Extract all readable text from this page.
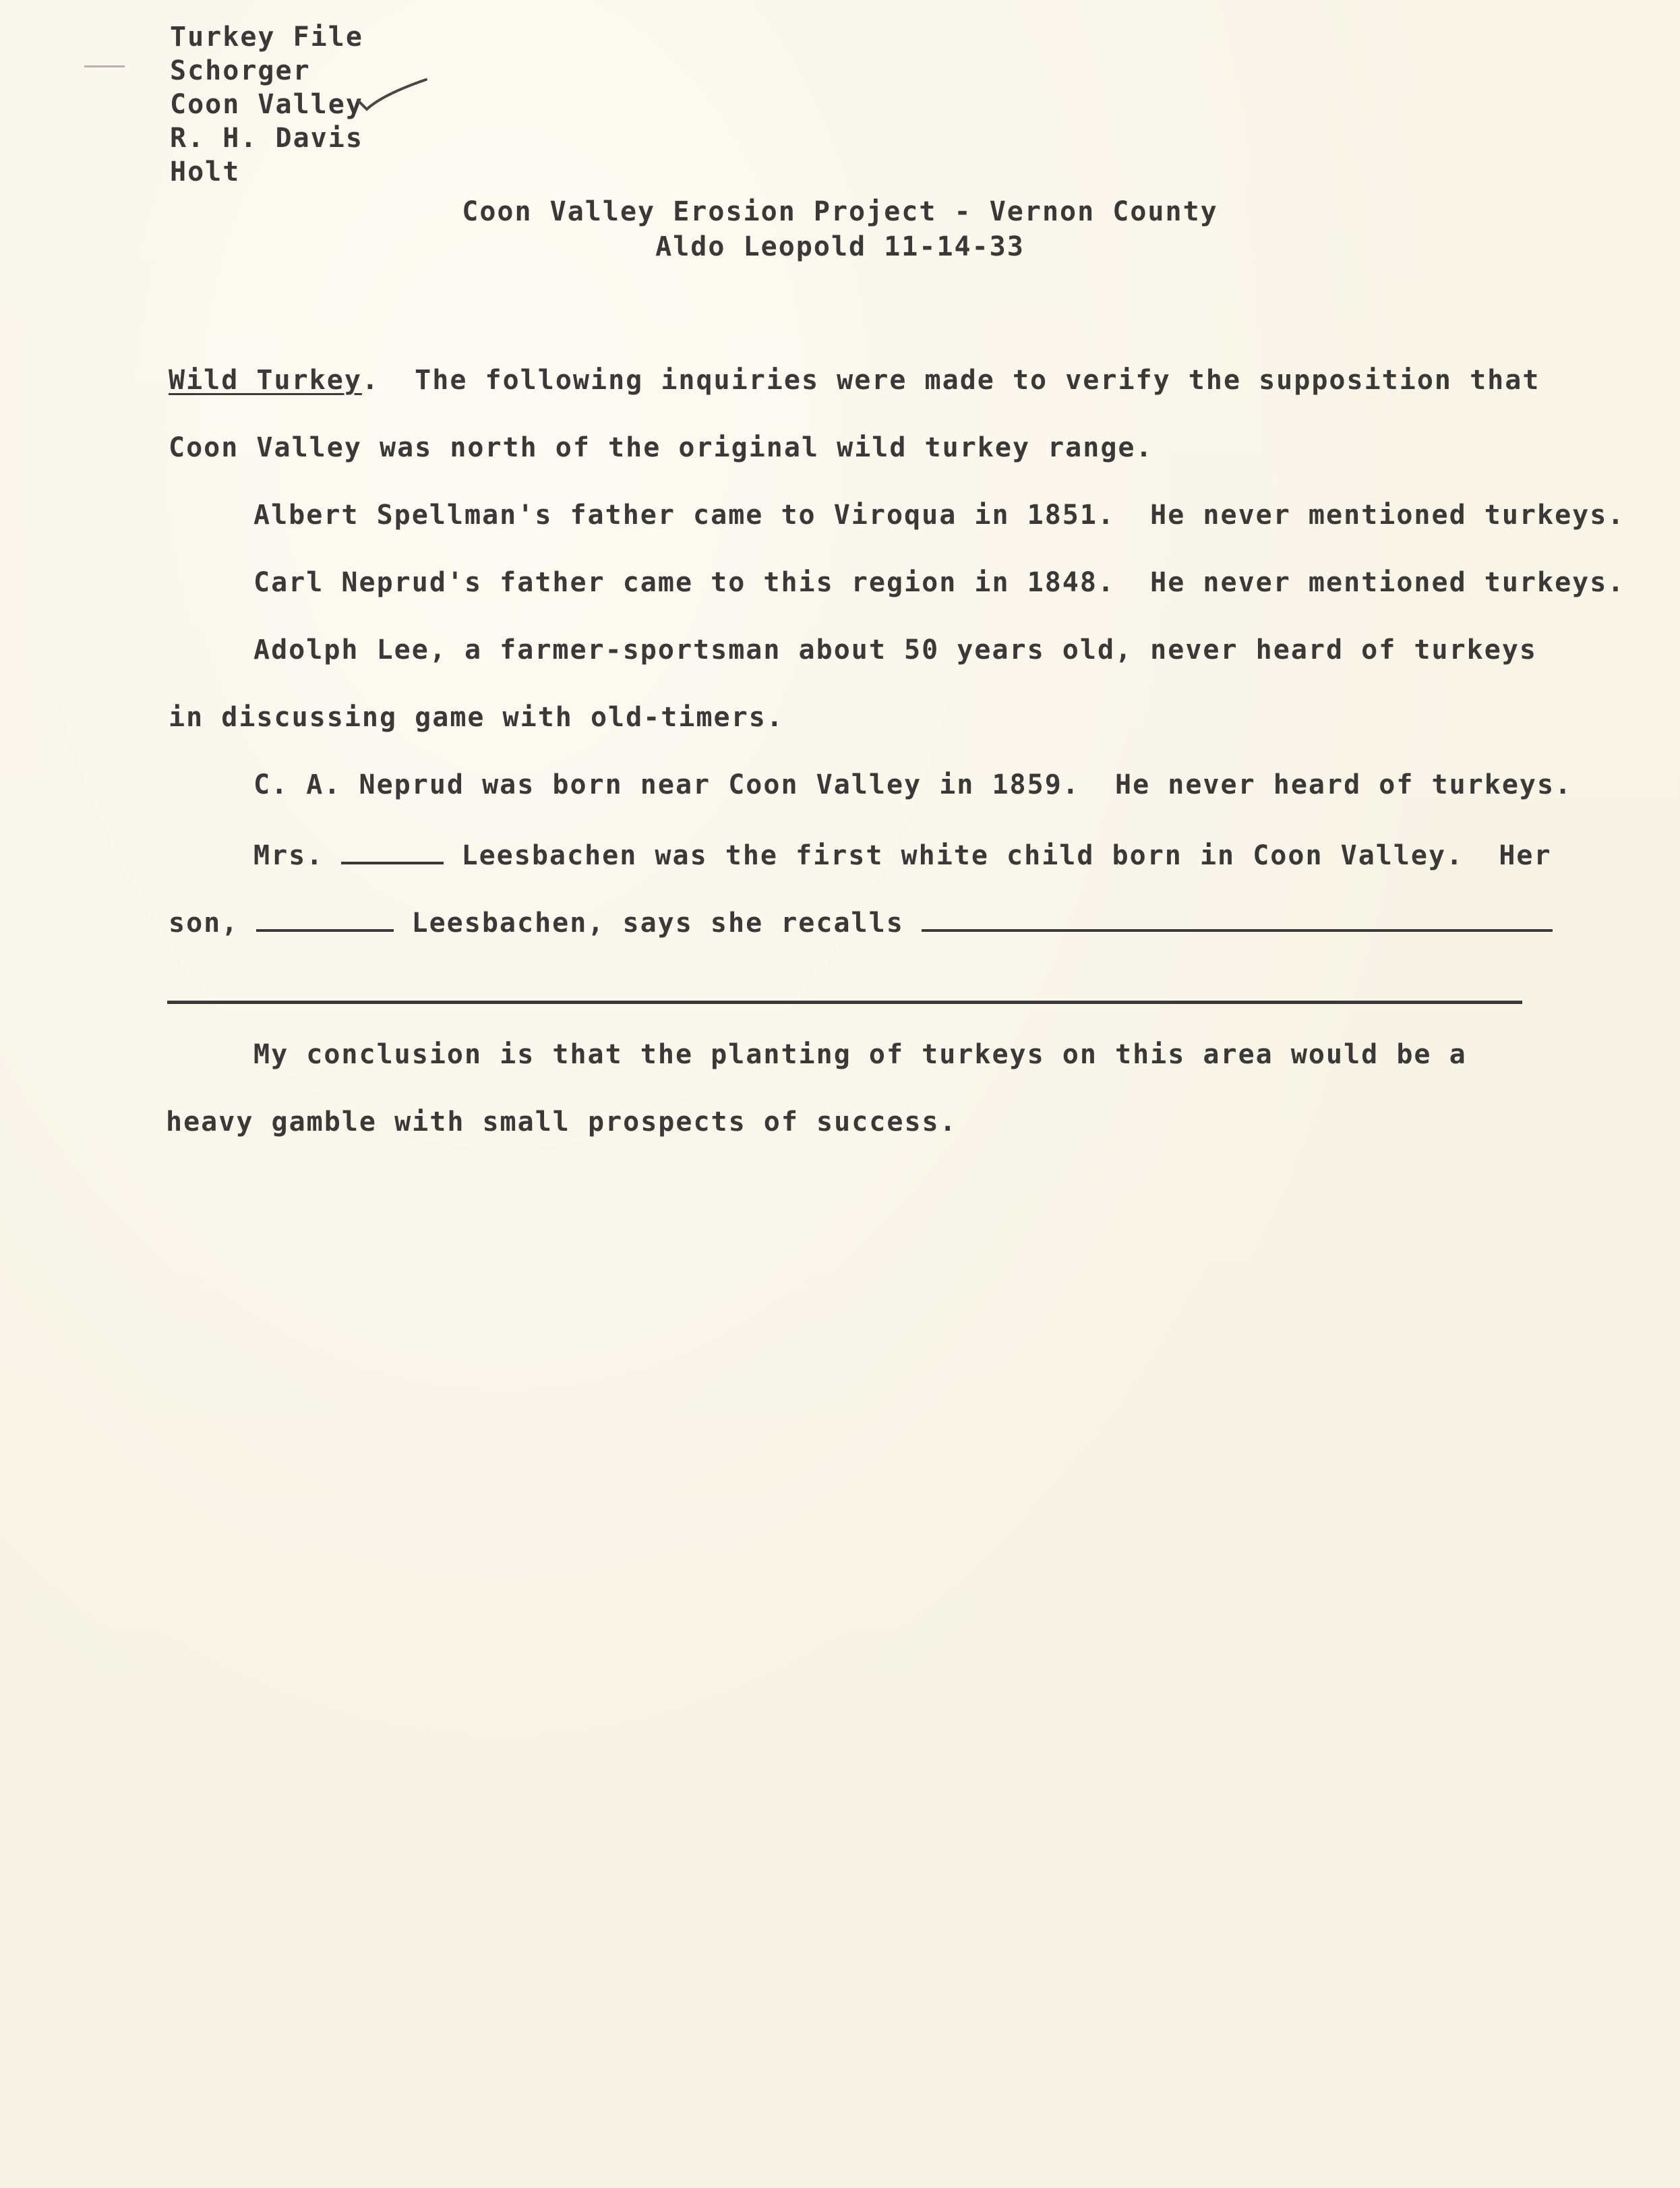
Turkey File
Schorger
Coon Valley
R. H. Davis
Holt
Coon Valley Erosion Project - Vernon County
Aldo Leopold 11-14-33
Wild Turkey.  The following inquiries were made to verify the supposition that
Coon Valley was north of the original wild turkey range.
Albert Spellman's father came to Viroqua in 1851.  He never mentioned turkeys.
Carl Neprud's father came to this region in 1848.  He never mentioned turkeys.
Adolph Lee, a farmer-sportsman about 50 years old, never heard of turkeys
in discussing game with old-timers.
C. A. Neprud was born near Coon Valley in 1859.  He never heard of turkeys.
Mrs.	Leesbachen was the first white child born in Coon Valley.  Her
son,	Leesbachen, says she recalls
My conclusion is that the planting of turkeys on this area would be a
heavy gamble with small prospects of success.
